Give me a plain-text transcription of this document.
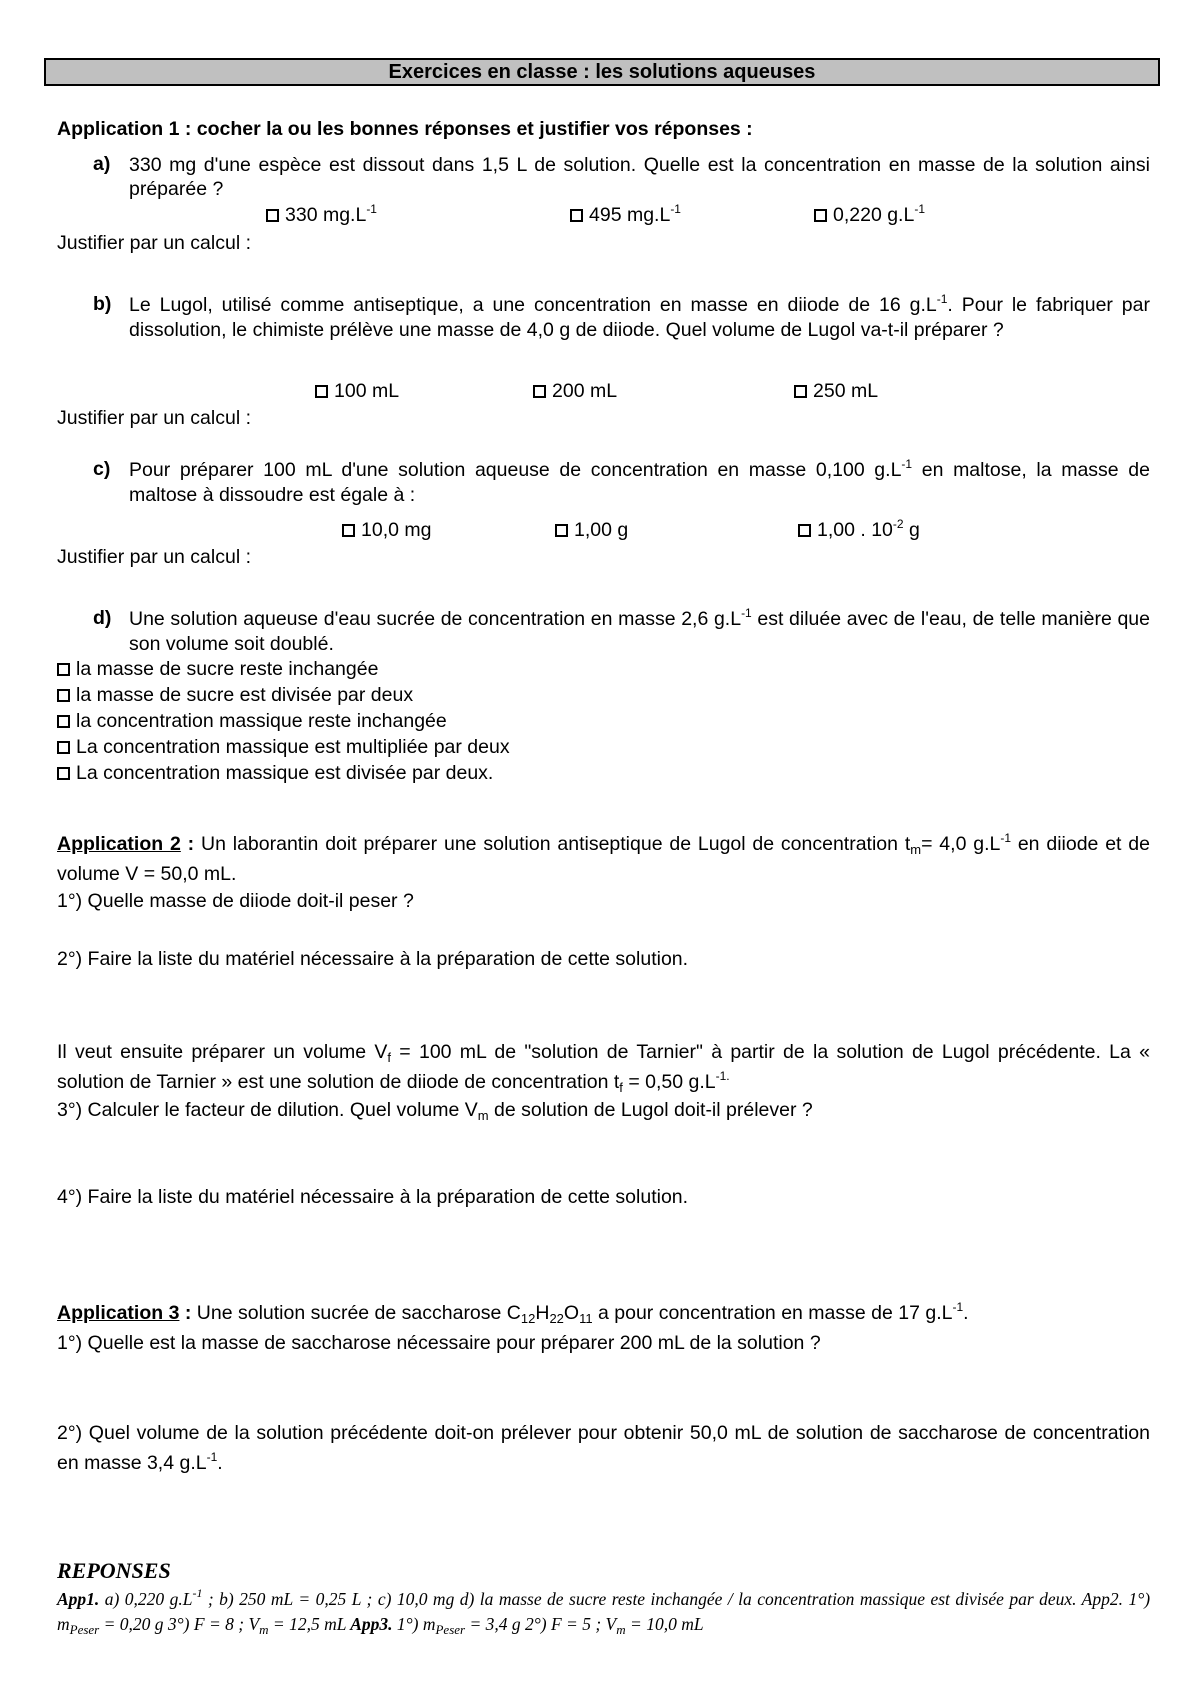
Exercices en classe : les solutions aqueuses
Application 1 : cocher la ou les bonnes réponses et justifier vos réponses :
a) 330 mg d'une espèce est dissout dans 1,5 L de solution. Quelle est la concentration en masse de la solution ainsi préparée ?
330 $mg.L^{-1}$	495 $mg.L^{-1}$	0,220 $g.L^{-1}$
Justifier par un calcul :
b) Le Lugol, utilisé comme antiseptique, a une concentration en masse en diiode de 16 $g.L^{-1}$. Pour le fabriquer par dissolution, le chimiste prélève une masse de 4,0 g de diiode. Quel volume de Lugol va-t-il préparer ?
100 mL	200 mL	250 mL
Justifier par un calcul :
c) Pour préparer 100 mL d'une solution aqueuse de concentration en masse 0,100 $g.L^{-1}$ en maltose, la masse de maltose à dissoudre est égale à :
10,0 mg	1,00 g	1,00 . $10^{-2}$ g
Justifier par un calcul :
d) Une solution aqueuse d'eau sucrée de concentration en masse 2,6 $g.L^{-1}$ est diluée avec de l'eau, de telle manière que son volume soit doublé.
la masse de sucre reste inchangée
la masse de sucre est divisée par deux
la concentration massique reste inchangée
La concentration massique est multipliée par deux
La concentration massique est divisée par deux.
Application 2 : Un laborantin doit préparer une solution antiseptique de Lugol de concentration $t_m= 4,0$ $g.L^{-1}$ en diiode et de volume V = 50,0 mL.
1°) Quelle masse de diiode doit-il peser ?
2°) Faire la liste du matériel nécessaire à la préparation de cette solution.
Il veut ensuite préparer un volume $V_f = 100$ mL de "solution de Tarnier" à partir de la solution de Lugol précédente. La « solution de Tarnier » est une solution de diiode de concentration $t_f = 0,50$ $g.L^{-1.}$
3°) Calculer le facteur de dilution. Quel volume $V_m$ de solution de Lugol doit-il prélever ?
4°) Faire la liste du matériel nécessaire à la préparation de cette solution.
Application 3 : Une solution sucrée de saccharose $C_{12}H_{22}O_{11}$ a pour concentration en masse de 17 $g.L^{-1}$.
1°) Quelle est la masse de saccharose nécessaire pour préparer 200 mL de la solution ?
2°) Quel volume de la solution précédente doit-on prélever pour obtenir 50,0 mL de solution de saccharose de concentration en masse 3,4 $g.L^{-1}$.
REPONSES
App1. a) 0,220 $g.L^{-1}$ ; b) 250 mL = 0,25 L ; c) 10,0 mg d) la masse de sucre reste inchangée / la concentration massique est divisée par deux. App2. 1°) $m_{Peser} = 0,20$ g 3°) F = 8 ; $V_m = 12,5$ mL App3. 1°) $m_{Peser} = 3,4$ g 2°) F = 5 ; $V_m = 10,0$ mL
